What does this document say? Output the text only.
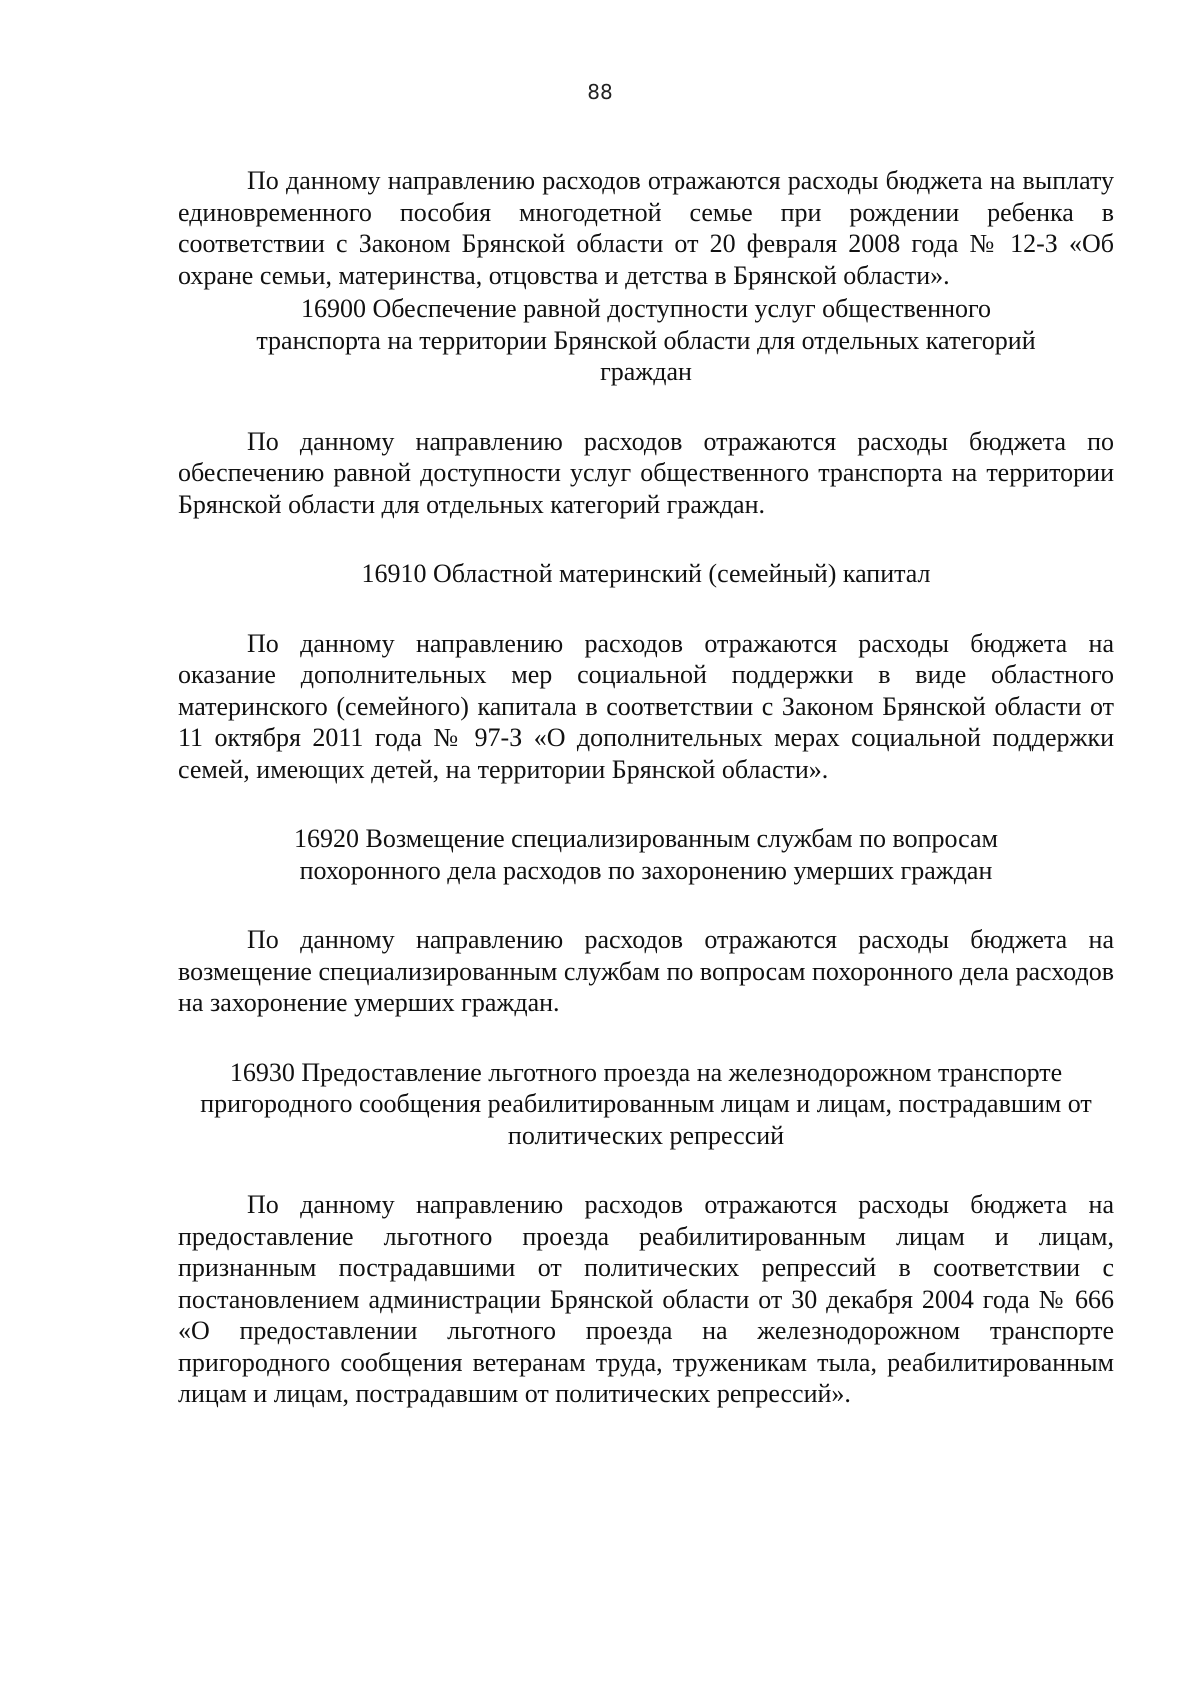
88

По данному направлению расходов отражаются расходы бюджета на выплату единовременного пособия многодетной семье при рождении ребенка в соответствии с Законом Брянской области от 20 февраля 2008 года № 12-З «Об охране семьи, материнства, отцовства и детства в Брянской области».

16900 Обеспечение равной доступности услуг общественного транспорта на территории Брянской области для отдельных категорий граждан

По данному направлению расходов отражаются расходы бюджета по обеспечению равной доступности услуг общественного транспорта на территории Брянской области для отдельных категорий граждан.

16910 Областной материнский (семейный) капитал

По данному направлению расходов отражаются расходы бюджета на оказание дополнительных мер социальной поддержки в виде областного материнского (семейного) капитала в соответствии с Законом Брянской области от 11 октября 2011 года № 97-З «О дополнительных мерах социальной поддержки семей, имеющих детей, на территории Брянской области».

16920 Возмещение специализированным службам по вопросам похоронного дела расходов по захоронению умерших граждан

По данному направлению расходов отражаются расходы бюджета на возмещение специализированным службам по вопросам похоронного дела расходов на захоронение умерших граждан.

16930 Предоставление льготного проезда на железнодорожном транспорте пригородного сообщения реабилитированным лицам и лицам, пострадавшим от политических репрессий

По данному направлению расходов отражаются расходы бюджета на предоставление льготного проезда реабилитированным лицам и лицам, признанным пострадавшими от политических репрессий в соответствии с постановлением администрации Брянской области от 30 декабря 2004 года № 666 «О предоставлении льготного проезда на железнодорожном транспорте пригородного сообщения ветеранам труда, труженикам тыла, реабилитированным лицам и лицам, пострадавшим от политических репрессий».
